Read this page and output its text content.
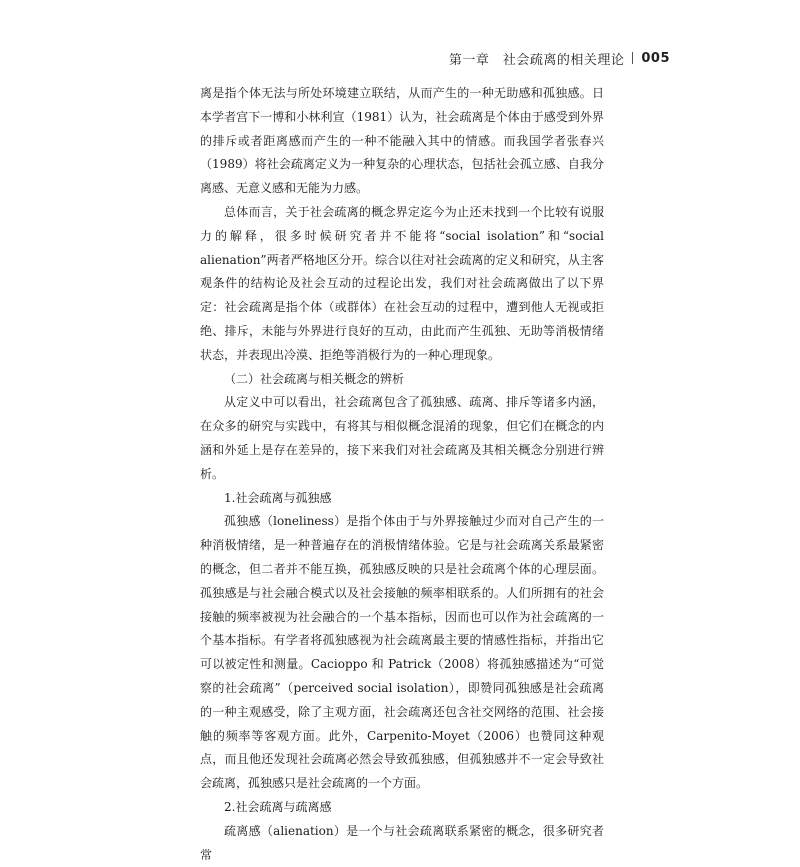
第一章　社会疏离的相关理论 005

离是指个体无法与所处环境建立联结，从而产生的一种无助感和孤独感。日本学者宫下一博和小林利宣（1981）认为，社会疏离是个体由于感受到外界的排斥或者距离感而产生的一种不能融入其中的情感。而我国学者张春兴（1989）将社会疏离定义为一种复杂的心理状态，包括社会孤立感、自我分离感、无意义感和无能为力感。

总体而言，关于社会疏离的概念界定迄今为止还未找到一个比较有说服力的解释，很多时候研究者并不能将“social isolation”和“social alienation”两者严格地区分开。综合以往对社会疏离的定义和研究，从主客观条件的结构论及社会互动的过程论出发，我们对社会疏离做出了以下界定：社会疏离是指个体（或群体）在社会互动的过程中，遭到他人无视或拒绝、排斥，未能与外界进行良好的互动，由此而产生孤独、无助等消极情绪状态，并表现出冷漠、拒绝等消极行为的一种心理现象。

（二）社会疏离与相关概念的辨析

从定义中可以看出，社会疏离包含了孤独感、疏离、排斥等诸多内涵，在众多的研究与实践中，有将其与相似概念混淆的现象，但它们在概念的内涵和外延上是存在差异的，接下来我们对社会疏离及其相关概念分别进行辨析。

1.社会疏离与孤独感

孤独感（loneliness）是指个体由于与外界接触过少而对自己产生的一种消极情绪，是一种普遍存在的消极情绪体验。它是与社会疏离关系最紧密的概念，但二者并不能互换，孤独感反映的只是社会疏离个体的心理层面。孤独感是与社会融合模式以及社会接触的频率相联系的。人们所拥有的社会接触的频率被视为社会融合的一个基本指标，因而也可以作为社会疏离的一个基本指标。有学者将孤独感视为社会疏离最主要的情感性指标，并指出它可以被定性和测量。Cacioppo 和 Patrick（2008）将孤独感描述为“可觉察的社会疏离”（perceived social isolation），即赞同孤独感是社会疏离的一种主观感受，除了主观方面，社会疏离还包含社交网络的范围、社会接触的频率等客观方面。此外，Carpenito-Moyet（2006）也赞同这种观点，而且他还发现社会疏离必然会导致孤独感，但孤独感并不一定会导致社会疏离，孤独感只是社会疏离的一个方面。

2.社会疏离与疏离感

疏离感（alienation）是一个与社会疏离联系紧密的概念，很多研究者常
